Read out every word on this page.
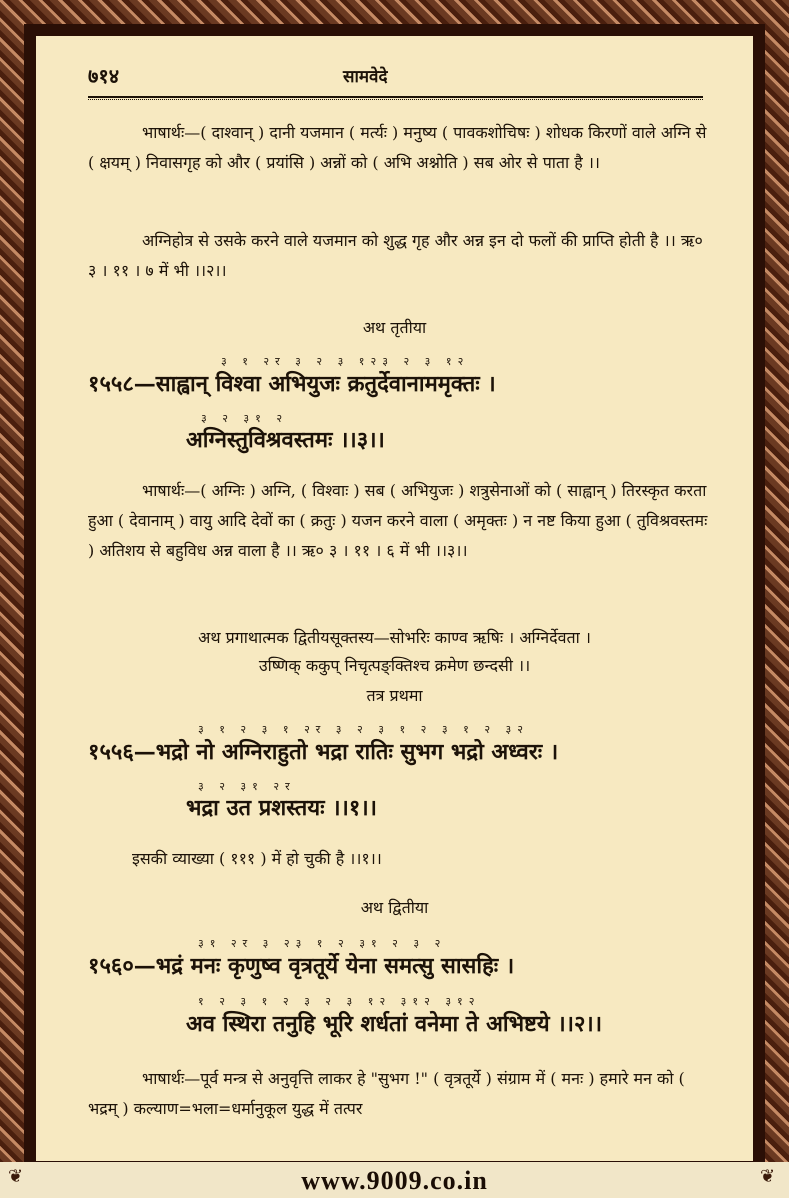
७१४	सामवेदे
भाषार्थः—( दाश्वान् ) दानी यजमान ( मर्त्यः ) मनुष्य ( पावकशोचिषः ) शोधक किरणों वाले अग्नि से ( क्षयम् ) निवासगृह को और ( प्रयांसि ) अन्नों को ( अभि अश्नोति ) सब ओर से पाता है ।।
अग्निहोत्र से उसके करने वाले यजमान को शुद्ध गृह और अन्न इन दो फलों की प्राप्ति होती है ।। ऋ० ३ । ११ । ७ में भी ।।२।।
अथ तृतीया
३ १ २र ३ २ ३ १२३ २ ३ १२
१५५८—साह्वान् विश्वा अभियुजः क्रतुर्देवानाममृक्तः ।
३ २ ३१ २
अग्निस्तुविश्रवस्तमः ।।३।।
भाषार्थः—( अग्निः ) अग्नि, ( विश्वाः ) सब ( अभियुजः ) शत्रुसेनाओं को ( साह्वान् ) तिरस्कृत करता हुआ ( देवानाम् ) वायु आदि देवों का ( क्रतुः ) यजन करने वाला ( अमृक्तः ) न नष्ट किया हुआ ( तुविश्रवस्तमः ) अतिशय से बहुविध अन्न वाला है ।। ऋ० ३ । ११ । ६ में भी ।।३।।
अथ प्रगाथात्मक द्वितीयसूक्तस्य—सोभरिः काण्व ऋषिः । अग्निर्देवता ।
उष्णिक् ककुप् निचृत्पङ्क्तिश्च क्रमेण छन्दसी ।।
तत्र प्रथमा
३ १ २ ३ १ २र ३ २ ३ १ २ ३ १ २ ३२
१५५६—भद्रो नो अग्निराहुतो भद्रा रातिः सुभग भद्रो अध्वरः ।
३ २ ३१ २र
भद्रा उत प्रशस्तयः ।।१।।
इसकी व्याख्या ( १११ ) में हो चुकी है ।।१।।
अथ द्वितीया
३१ २र ३ २३ १ २ ३१ २ ३ २
१५६०—भद्रं मनः कृणुष्व वृत्रतूर्ये येना समत्सु सासहिः ।
१ २ ३ १ २ ३ २ ३ १२ ३१२ ३१२
अव स्थिरा तनुहि भूरि शर्धतां वनेमा ते अभिष्टये ।।२।।
भाषार्थः—पूर्व मन्त्र से अनुवृत्ति लाकर हे "सुभग !" ( वृत्रतूर्ये ) संग्राम में ( मनः ) हमारे मन को ( भद्रम् ) कल्याण=भला=धर्मानुकूल युद्ध में तत्पर
www.9009.co.in
❦	❦
